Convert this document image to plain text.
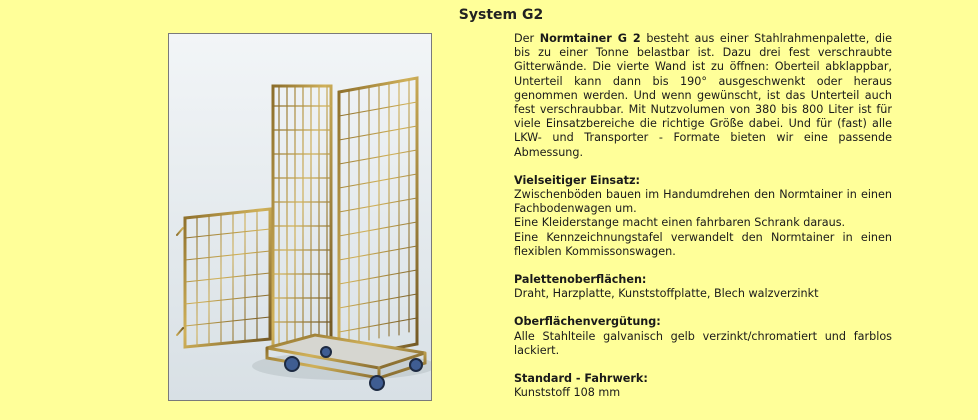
System G2

Der Normtainer G 2 besteht aus einer Stahlrahmenpalette, die bis zu einer Tonne belastbar ist. Dazu drei fest verschraubte Gitterwände. Die vierte Wand ist zu öffnen: Oberteil abklappbar, Unterteil kann dann bis 190° ausgeschwenkt oder heraus genommen werden. Und wenn gewünscht, ist das Unterteil auch fest verschraubbar. Mit Nutzvolumen von 380 bis 800 Liter ist für viele Einsatzbereiche die richtige Größe dabei. Und für (fast) alle LKW- und Transporter - Formate bieten wir eine passende Abmessung.

Vielseitiger Einsatz:

Zwischenböden bauen im Handumdrehen den Normtainer in einen Fachbodenwagen um.

Eine Kleiderstange macht einen fahrbaren Schrank daraus.

Eine Kennzeichnungstafel verwandelt den Normtainer in einen flexiblen Kommissonswagen.

Palettenoberflächen:

Draht, Harzplatte, Kunststoffplatte, Blech walzverzinkt

Oberflächenvergütung:

Alle Stahlteile galvanisch gelb verzinkt/chromatiert und farblos lackiert.

Standard - Fahrwerk:

Kunststoff 108 mm
